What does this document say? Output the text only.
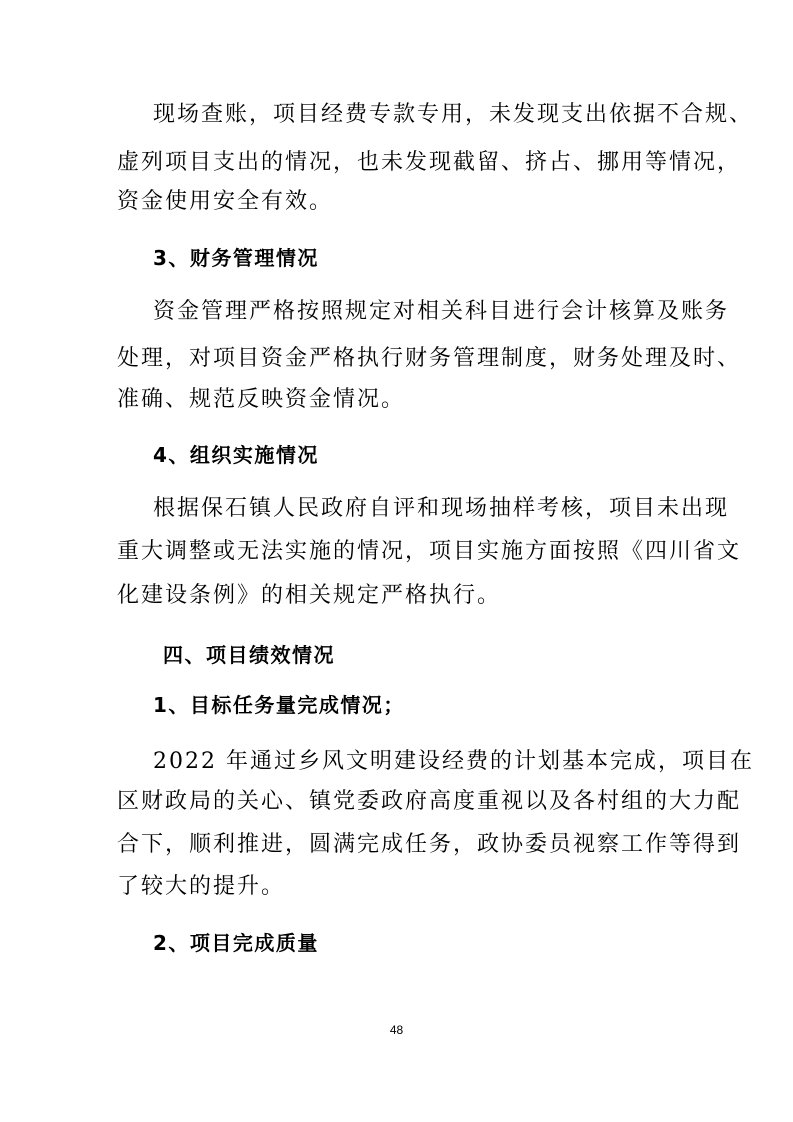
现场查账，项目经费专款专用，未发现支出依据不合规、
虚列项目支出的情况，也未发现截留、挤占、挪用等情况，
资金使用安全有效。
3、财务管理情况
资金管理严格按照规定对相关科目进行会计核算及账务
处理，对项目资金严格执行财务管理制度，财务处理及时、
准确、规范反映资金情况。
4、组织实施情况
根据保石镇人民政府自评和现场抽样考核，项目未出现
重大调整或无法实施的情况，项目实施方面按照《四川省文
化建设条例》的相关规定严格执行。
四、项目绩效情况
1、目标任务量完成情况；
2022 年通过乡风文明建设经费的计划基本完成，项目在
区财政局的关心、镇党委政府高度重视以及各村组的大力配
合下，顺利推进，圆满完成任务，政协委员视察工作等得到
了较大的提升。
2、项目完成质量
48
